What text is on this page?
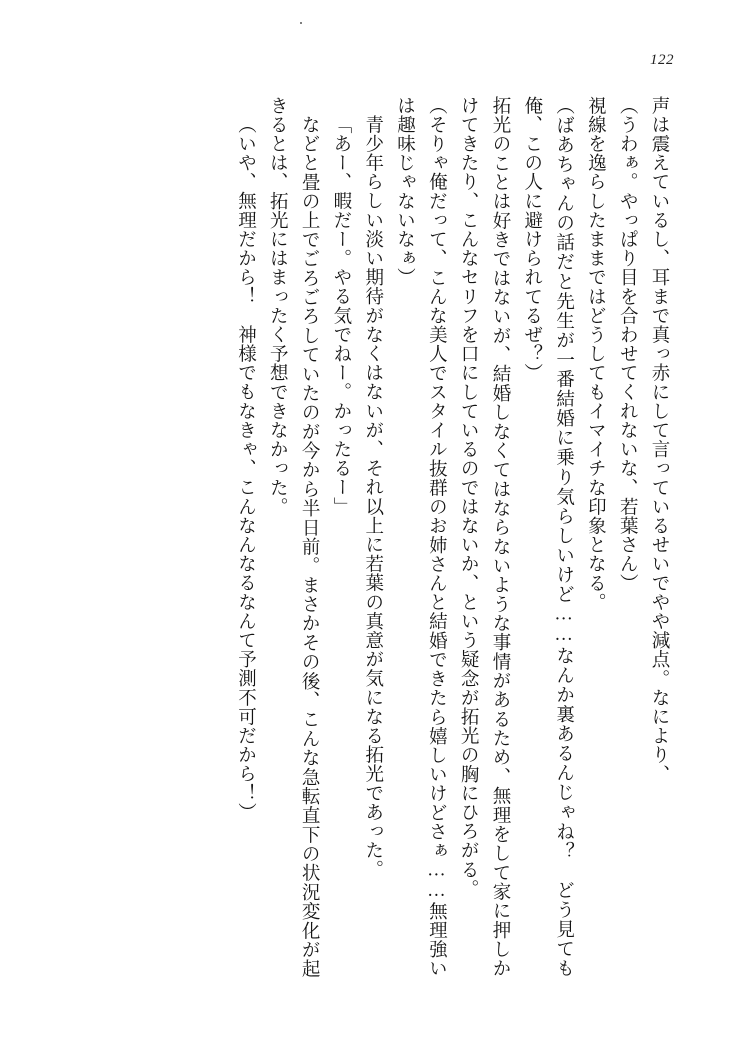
122

声は震えているし、耳まで真っ赤にして言っているせいでやや減点。なにより、

（うわぁ。やっぱり目を合わせてくれないな、若葉さん）

視線を逸らしたままではどうしてもイマイチな印象となる。

（ばあちゃんの話だと先生が一番結婚に乗り気らしいけど……なんか裏あるんじゃね？　どう見ても俺、この人に避けられてるぜ？）

拓光のことは好きではないが、結婚しなくてはならないような事情があるため、無理をして家に押しかけてきたり、こんなセリフを口にしているのではないか、という疑念が拓光の胸にひろがる。

（そりゃ俺だって、こんな美人でスタイル抜群のお姉さんと結婚できたら嬉しいけどさぁ……無理強いは趣味じゃないなぁ）

青少年らしい淡い期待がなくはないが、それ以上に若葉の真意が気になる拓光であった。

「あー、暇だー。やる気でねー。かったるー」

などと畳の上でごろごろしていたのが今から半日前。まさかその後、こんな急転直下の状況変化が起きるとは、拓光にはまったく予想できなかった。

（いや、無理だから！　神様でもなきゃ、こんなんなるなんて予測不可だから！）
